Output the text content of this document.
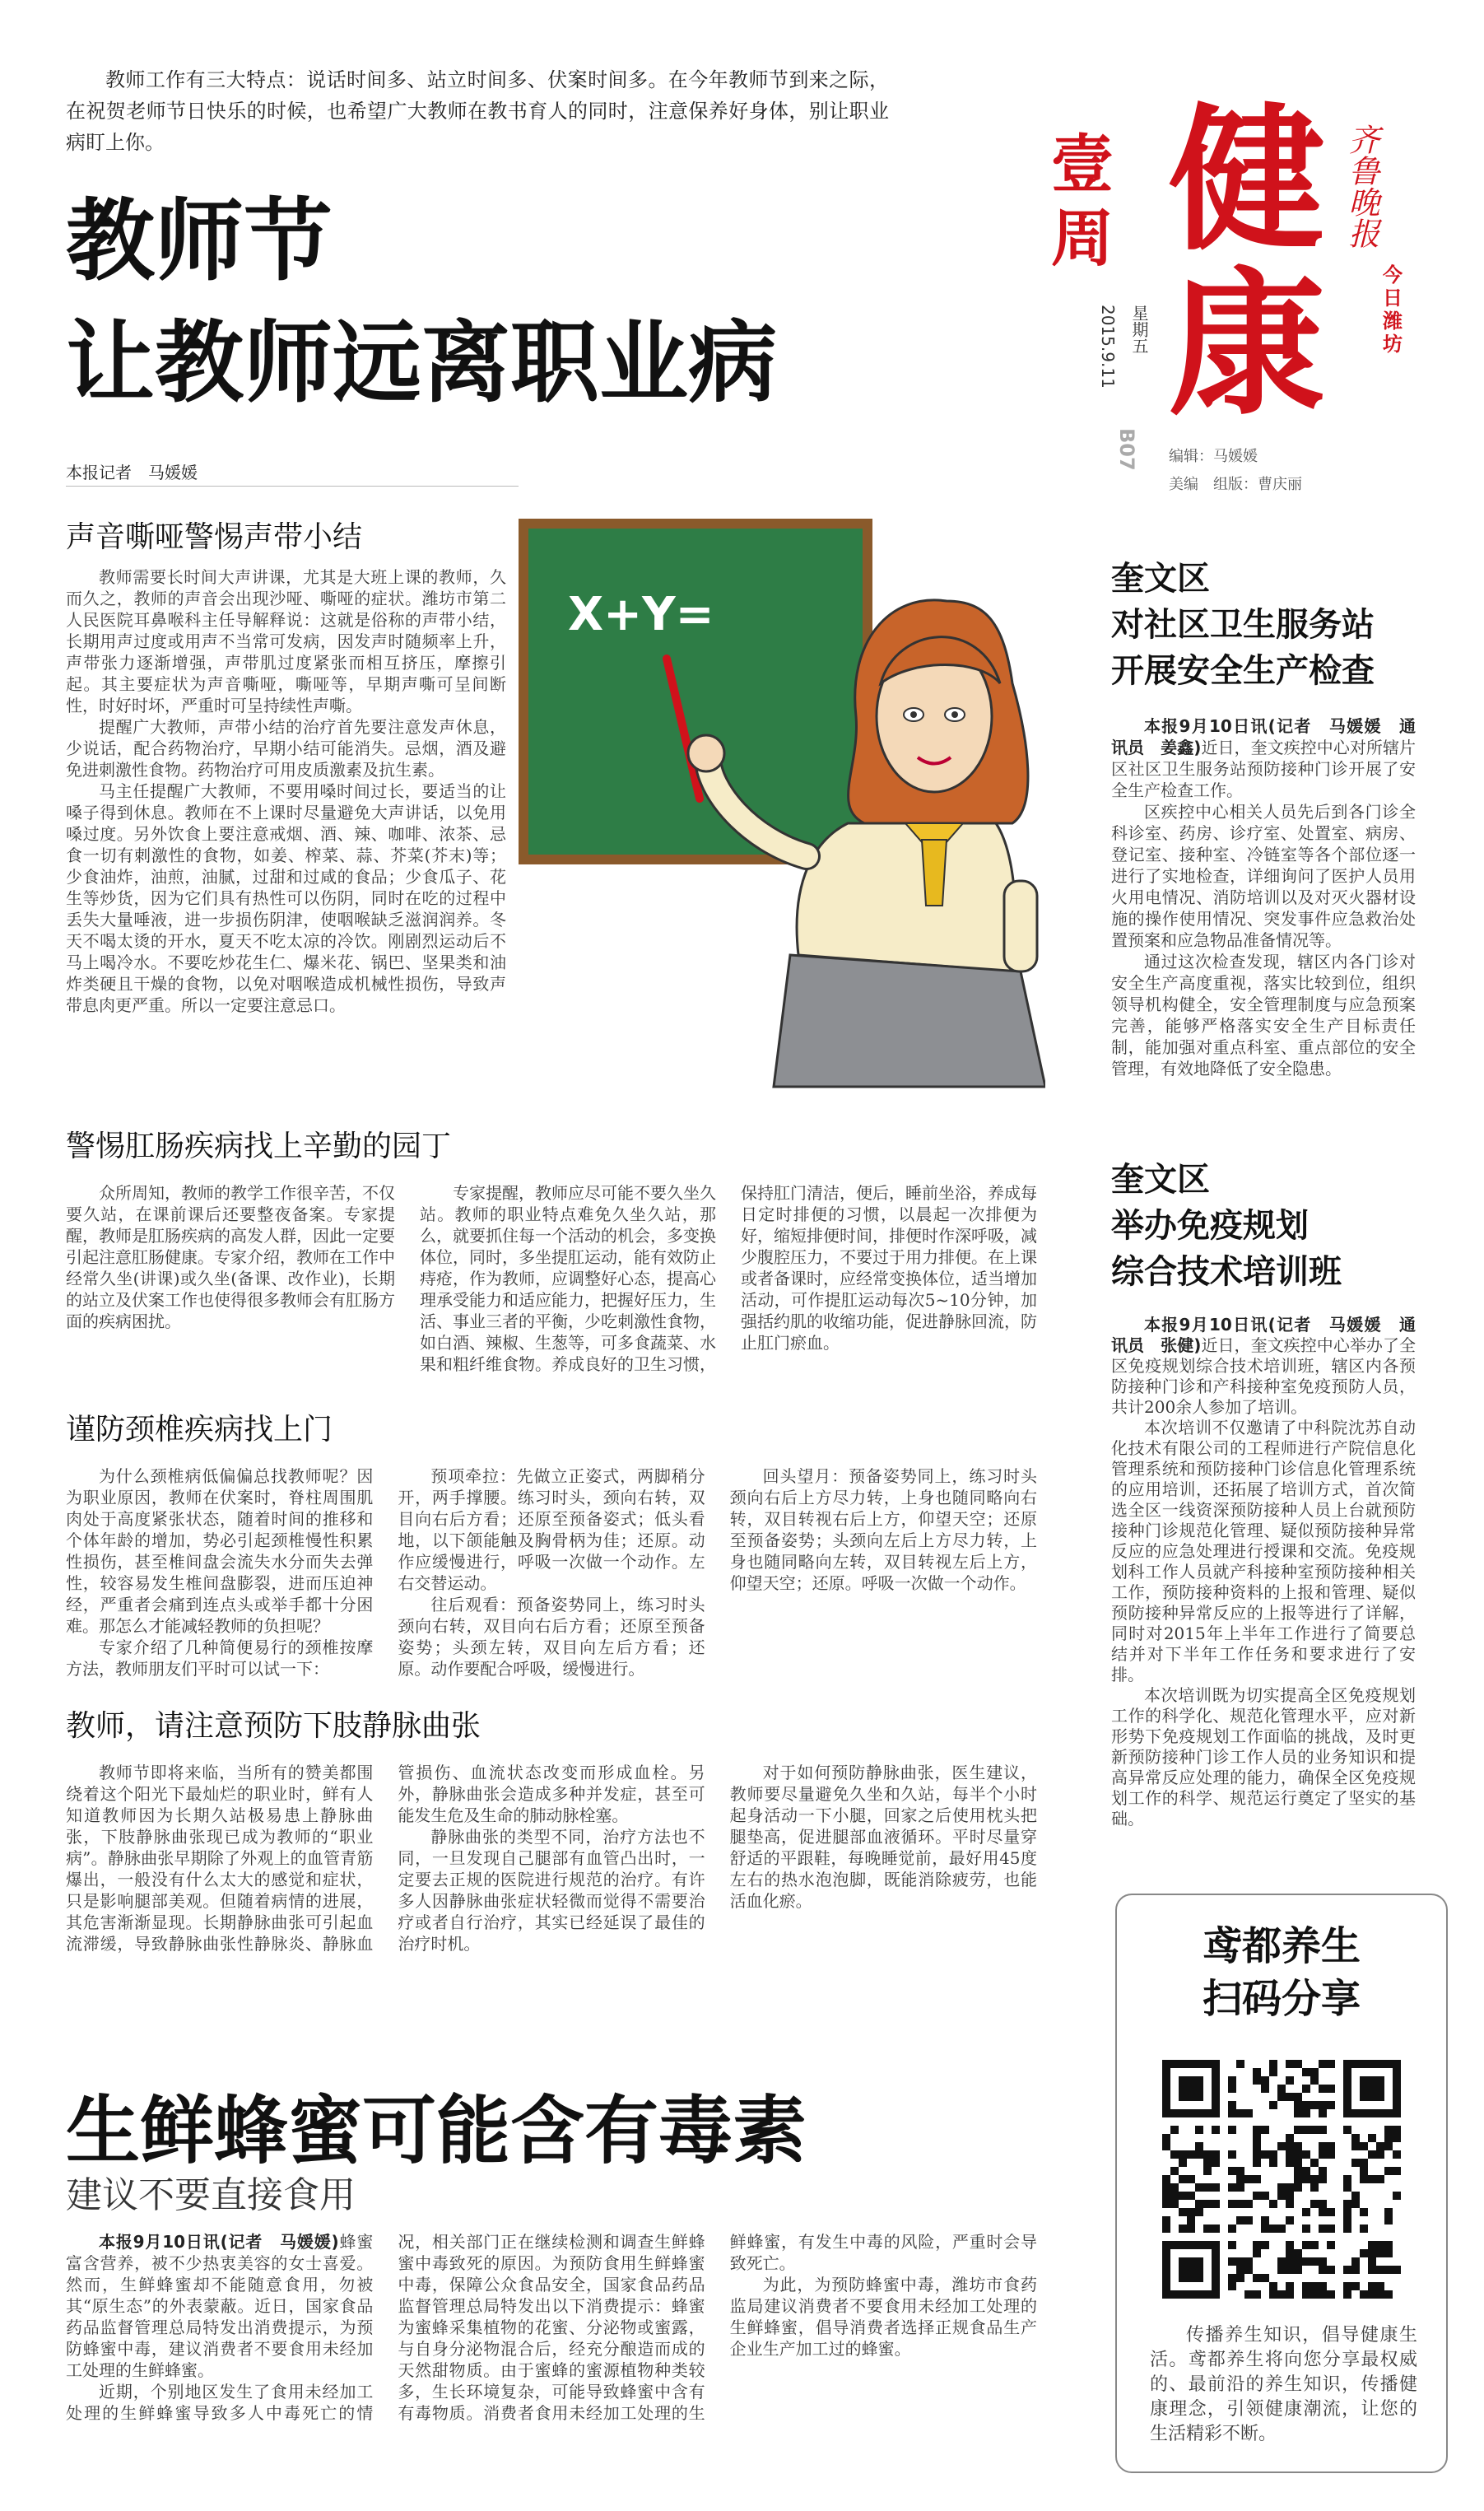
教师工作有三大特点：说话时间多、站立时间多、伏案时间多。在今年教师节到来之际，在祝贺老师节日快乐的时候，也希望广大教师在教书育人的同时，注意保养好身体，别让职业病盯上你。

教师节
让教师远离职业病
本报记者　马媛媛
壹周
星期五
2015.9.11
B07
健
康
齐鲁晚报
今日潍坊
编辑：马媛媛
美编　组版：曹庆丽
声音嘶哑警惕声带小结

教师需要长时间大声讲课，尤其是大班上课的教师，久而久之，教师的声音会出现沙哑、嘶哑的症状。潍坊市第二人民医院耳鼻喉科主任导解释说：这就是俗称的声带小结，长期用声过度或用声不当常可发病，因发声时随频率上升，声带张力逐渐增强，声带肌过度紧张而相互挤压，摩擦引起。其主要症状为声音嘶哑，嘶哑等，早期声嘶可呈间断性，时好时坏，严重时可呈持续性声嘶。

提醒广大教师，声带小结的治疗首先要注意发声休息，少说话，配合药物治疗，早期小结可能消失。忌烟，酒及避免进刺激性食物。药物治疗可用皮质激素及抗生素。

马主任提醒广大教师，不要用嗓时间过长，要适当的让嗓子得到休息。教师在不上课时尽量避免大声讲话，以免用嗓过度。另外饮食上要注意戒烟、酒、辣、咖啡、浓茶、忌食一切有刺激性的食物，如姜、榨菜、蒜、芥菜(芥末)等；少食油炸，油煎，油腻，过甜和过咸的食品；少食瓜子、花生等炒货，因为它们具有热性可以伤阴，同时在吃的过程中丢失大量唾液，进一步损伤阴津，使咽喉缺乏滋润润养。冬天不喝太烫的开水，夏天不吃太凉的冷饮。刚剧烈运动后不马上喝冷水。不要吃炒花生仁、爆米花、锅巴、坚果类和油炸类硬且干燥的食物，以免对咽喉造成机械性损伤，导致声带息肉更严重。所以一定要注意忌口。

X+Y=
警惕肛肠疾病找上辛勤的园丁

众所周知，教师的教学工作很辛苦，不仅要久站，在课前课后还要整夜备案。专家提醒，教师是肛肠疾病的高发人群，因此一定要引起注意肛肠健康。专家介绍，教师在工作中经常久坐(讲课)或久坐(备课、改作业)，长期的站立及伏案工作也使得很多教师会有肛肠方面的疾病困扰。

专家提醒，教师应尽可能不要久坐久站。教师的职业特点难免久坐久站，那么，就要抓住每一个活动的机会，多变换体位，同时，多坐提肛运动，能有效防止痔疮，作为教师，应调整好心态，提高心理承受能力和适应能力，把握好压力，生活、事业三者的平衡，少吃刺激性食物，如白酒、辣椒、生葱等，可多食蔬菜、水果和粗纤维食物。养成良好的卫生习惯，保持肛门清洁，便后，睡前坐浴，养成每日定时排便的习惯，以晨起一次排便为好，缩短排便时间，排便时作深呼吸，减少腹腔压力，不要过于用力排便。在上课或者备课时，应经常变换体位，适当增加活动，可作提肛运动每次5~10分钟，加强括约肌的收缩功能，促进静脉回流，防止肛门瘀血。

谨防颈椎疾病找上门

为什么颈椎病低偏偏总找教师呢？因为职业原因，教师在伏案时，脊柱周围肌肉处于高度紧张状态，随着时间的推移和个体年龄的增加，势必引起颈椎慢性积累性损伤，甚至椎间盘会流失水分而失去弹性，较容易发生椎间盘膨裂，进而压迫神经，严重者会痛到连点头或举手都十分困难。那怎么才能减轻教师的负担呢？

专家介绍了几种简便易行的颈椎按摩方法，教师朋友们平时可以试一下：

预项牵拉：先做立正姿式，两脚稍分开，两手撑腰。练习时头，颈向右转，双目向右后方看；还原至预备姿式；低头看地，以下颌能触及胸骨柄为佳；还原。动作应缓慢进行，呼吸一次做一个动作。左右交替运动。

往后观看：预备姿势同上，练习时头颈向右转，双目向右后方看；还原至预备姿势；头颈左转，双目向左后方看；还原。动作要配合呼吸，缓慢进行。

回头望月：预备姿势同上，练习时头颈向右后上方尽力转，上身也随同略向右转，双目转视右后上方，仰望天空；还原至预备姿势；头颈向左后上方尽力转，上身也随同略向左转，双目转视左后上方，仰望天空；还原。呼吸一次做一个动作。

教师，请注意预防下肢静脉曲张

教师节即将来临，当所有的赞美都围绕着这个阳光下最灿烂的职业时，鲜有人知道教师因为长期久站极易患上静脉曲张，下肢静脉曲张现已成为教师的“职业病”。静脉曲张早期除了外观上的血管青筋爆出，一般没有什么太大的感觉和症状，只是影响腿部美观。但随着病情的进展，其危害渐渐显现。长期静脉曲张可引起血流滞缓，导致静脉曲张性静脉炎、静脉血管损伤、血流状态改变而形成血栓。另外，静脉曲张会造成多种并发症，甚至可能发生危及生命的肺动脉栓塞。

静脉曲张的类型不同，治疗方法也不同，一旦发现自己腿部有血管凸出时，一定要去正规的医院进行规范的治疗。有许多人因静脉曲张症状轻微而觉得不需要治疗或者自行治疗，其实已经延误了最佳的治疗时机。

对于如何预防静脉曲张，医生建议，教师要尽量避免久坐和久站，每半个小时起身活动一下小腿，回家之后使用枕头把腿垫高，促进腿部血液循环。平时尽量穿舒适的平跟鞋，每晚睡觉前，最好用45度左右的热水泡泡脚，既能消除疲劳，也能活血化瘀。

奎文区
对社区卫生服务站
开展安全生产检查

本报9月10日讯(记者　马媛媛　通讯员　姜鑫)近日，奎文疾控中心对所辖片区社区卫生服务站预防接种门诊开展了安全生产检查工作。

区疾控中心相关人员先后到各门诊全科诊室、药房、诊疗室、处置室、病房、登记室、接种室、冷链室等各个部位逐一进行了实地检查，详细询问了医护人员用火用电情况、消防培训以及对灭火器材设施的操作使用情况、突发事件应急救治处置预案和应急物品准备情况等。

通过这次检查发现，辖区内各门诊对安全生产高度重视，落实比较到位，组织领导机构健全，安全管理制度与应急预案完善，能够严格落实安全生产目标责任制，能加强对重点科室、重点部位的安全管理，有效地降低了安全隐患。

奎文区
举办免疫规划
综合技术培训班

本报9月10日讯(记者　马媛媛　通讯员　张健)近日，奎文疾控中心举办了全区免疫规划综合技术培训班，辖区内各预防接种门诊和产科接种室免疫预防人员，共计200余人参加了培训。

本次培训不仅邀请了中科院沈苏自动化技术有限公司的工程师进行产院信息化管理系统和预防接种门诊信息化管理系统的应用培训，还拓展了培训方式，首次简选全区一线资深预防接种人员上台就预防接种门诊规范化管理、疑似预防接种异常反应的应急处理进行授课和交流。免疫规划科工作人员就产科接种室预防接种相关工作，预防接种资料的上报和管理、疑似预防接种异常反应的上报等进行了详解，同时对2015年上半年工作进行了简要总结并对下半年工作任务和要求进行了安排。

本次培训既为切实提高全区免疫规划工作的科学化、规范化管理水平，应对新形势下免疫规划工作面临的挑战，及时更新预防接种门诊工作人员的业务知识和提高异常反应处理的能力，确保全区免疫规划工作的科学、规范运行奠定了坚实的基础。

鸢都养生
扫码分享

传播养生知识，倡导健康生活。鸢都养生将向您分享最权威的、最前沿的养生知识，传播健康理念，引领健康潮流，让您的生活精彩不断。

生鲜蜂蜜可能含有毒素
建议不要直接食用

本报9月10日讯(记者　马媛媛)蜂蜜富含营养，被不少热衷美容的女士喜爱。然而，生鲜蜂蜜却不能随意食用，勿被其“原生态”的外表蒙蔽。近日，国家食品药品监督管理总局特发出消费提示，为预防蜂蜜中毒，建议消费者不要食用未经加工处理的生鲜蜂蜜。

近期，个别地区发生了食用未经加工处理的生鲜蜂蜜导致多人中毒死亡的情况，相关部门正在继续检测和调查生鲜蜂蜜中毒致死的原因。为预防食用生鲜蜂蜜中毒，保障公众食品安全，国家食品药品监督管理总局特发出以下消费提示：蜂蜜为蜜蜂采集植物的花蜜、分泌物或蜜露，与自身分泌物混合后，经充分酿造而成的天然甜物质。由于蜜蜂的蜜源植物种类较多，生长环境复杂，可能导致蜂蜜中含有有毒物质。消费者食用未经加工处理的生鲜蜂蜜，有发生中毒的风险，严重时会导致死亡。

为此，为预防蜂蜜中毒，潍坊市食药监局建议消费者不要食用未经加工处理的生鲜蜂蜜，倡导消费者选择正规食品生产企业生产加工过的蜂蜜。
